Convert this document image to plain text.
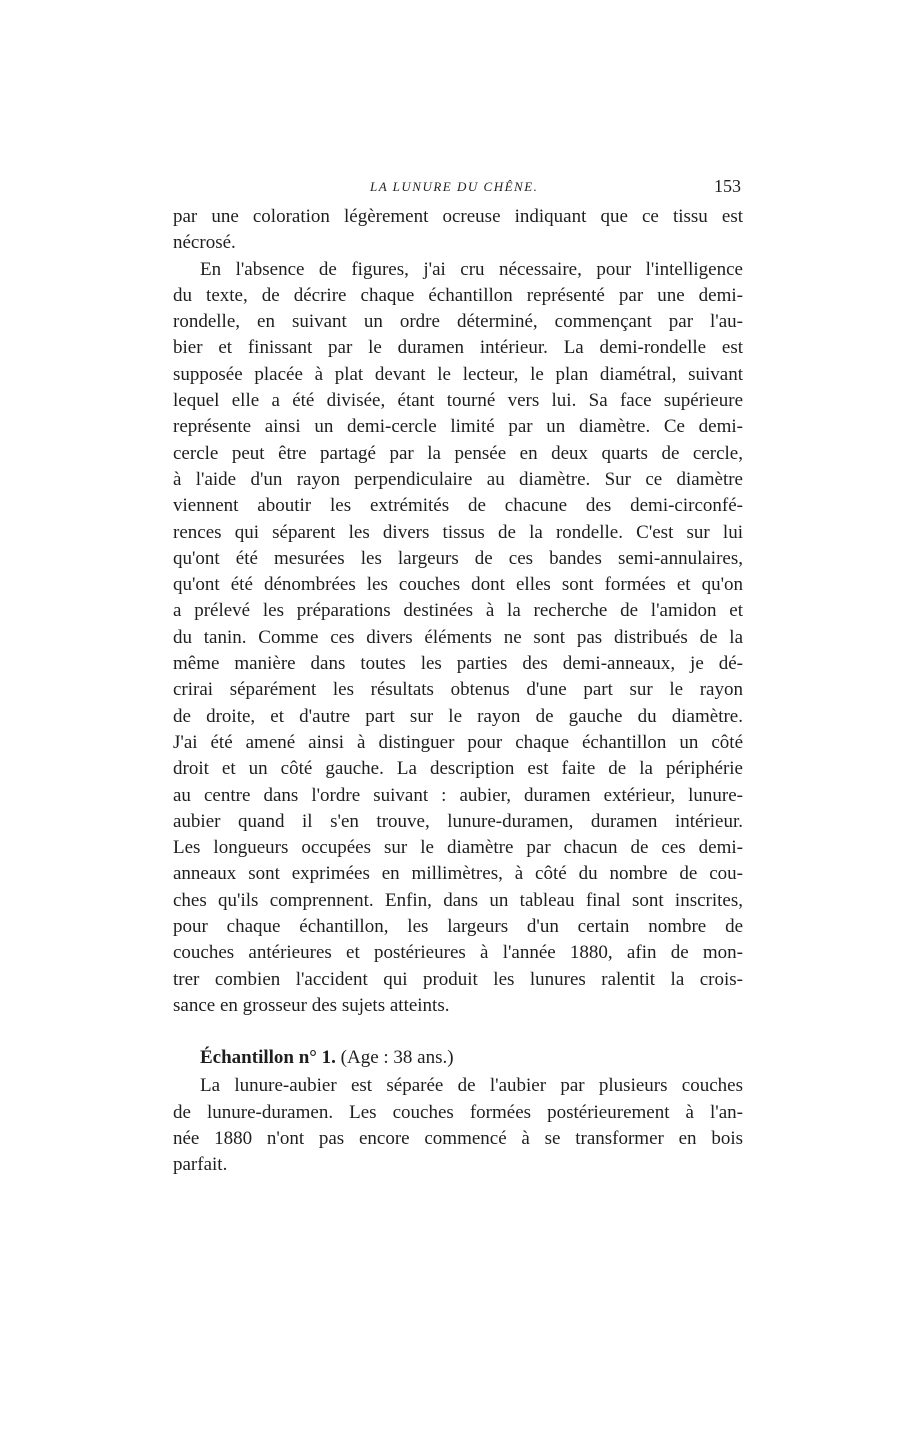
LA LUNURE DU CHÊNE.	153
par une coloration légèrement ocreuse indiquant que ce tissu est
nécrosé.
En l'absence de figures, j'ai cru nécessaire, pour l'intelligence
du texte, de décrire chaque échantillon représenté par une demi-
rondelle, en suivant un ordre déterminé, commençant par l'au-
bier et finissant par le duramen intérieur. La demi-rondelle est
supposée placée à plat devant le lecteur, le plan diamétral, suivant
lequel elle a été divisée, étant tourné vers lui. Sa face supérieure
représente ainsi un demi-cercle limité par un diamètre. Ce demi-
cercle peut être partagé par la pensée en deux quarts de cercle,
à l'aide d'un rayon perpendiculaire au diamètre. Sur ce diamètre
viennent aboutir les extrémités de chacune des demi-circonfé-
rences qui séparent les divers tissus de la rondelle. C'est sur lui
qu'ont été mesurées les largeurs de ces bandes semi-annulaires,
qu'ont été dénombrées les couches dont elles sont formées et qu'on
a prélevé les préparations destinées à la recherche de l'amidon et
du tanin. Comme ces divers éléments ne sont pas distribués de la
même manière dans toutes les parties des demi-anneaux, je dé-
crirai séparément les résultats obtenus d'une part sur le rayon
de droite, et d'autre part sur le rayon de gauche du diamètre.
J'ai été amené ainsi à distinguer pour chaque échantillon un côté
droit et un côté gauche. La description est faite de la périphérie
au centre dans l'ordre suivant : aubier, duramen extérieur, lunure-
aubier quand il s'en trouve, lunure-duramen, duramen intérieur.
Les longueurs occupées sur le diamètre par chacun de ces demi-
anneaux sont exprimées en millimètres, à côté du nombre de cou-
ches qu'ils comprennent. Enfin, dans un tableau final sont inscrites,
pour chaque échantillon, les largeurs d'un certain nombre de
couches antérieures et postérieures à l'année 1880, afin de mon-
trer combien l'accident qui produit les lunures ralentit la crois-
sance en grosseur des sujets atteints.
Échantillon n° 1. (Age : 38 ans.)
La lunure-aubier est séparée de l'aubier par plusieurs couches
de lunure-duramen. Les couches formées postérieurement à l'an-
née 1880 n'ont pas encore commencé à se transformer en bois
parfait.
